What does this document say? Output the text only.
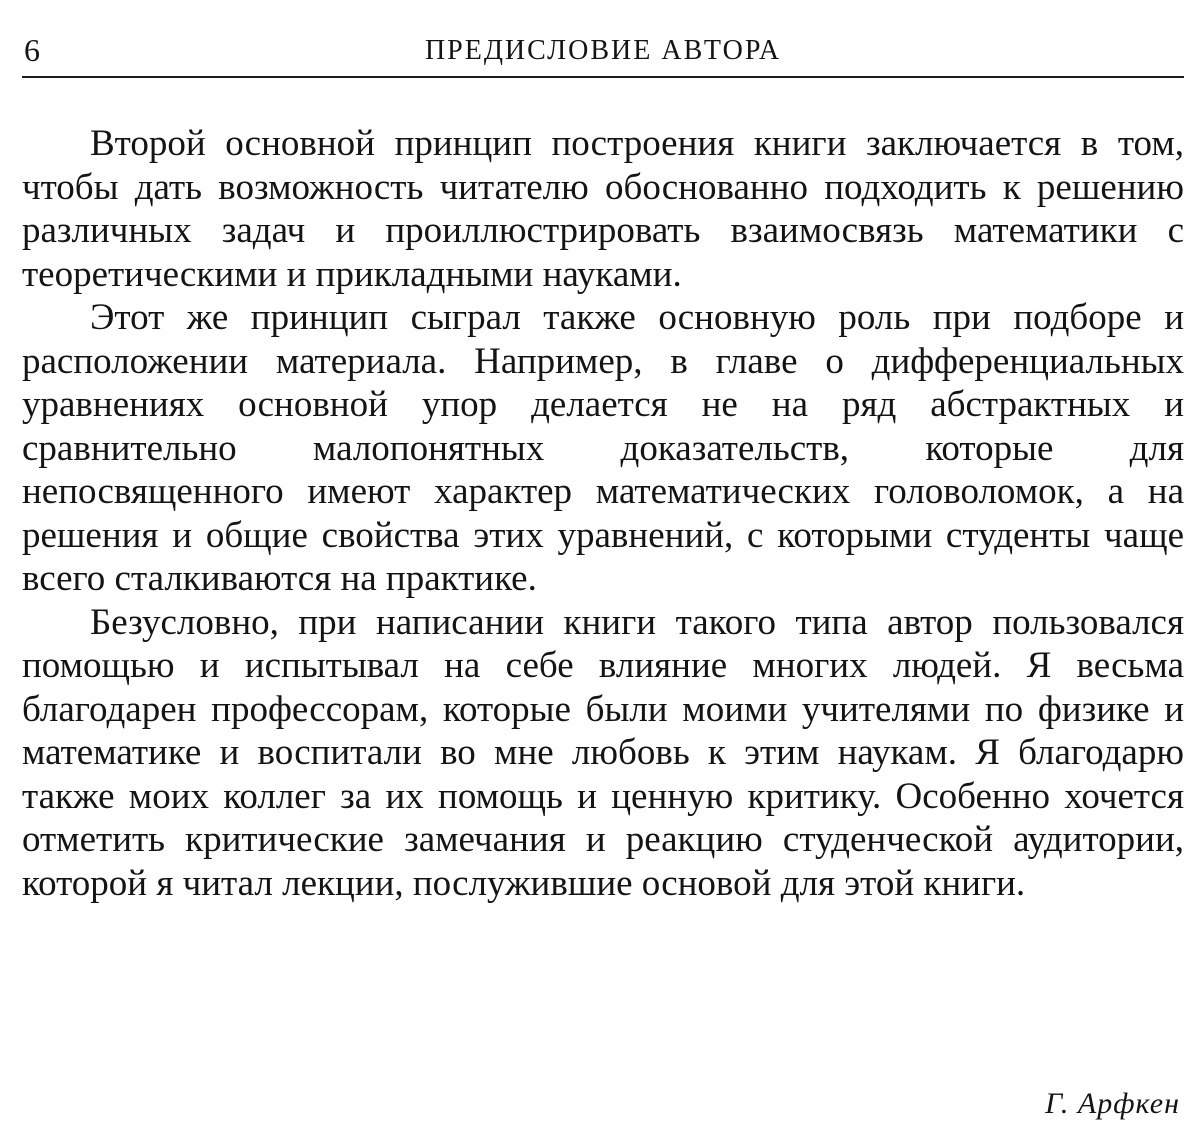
6	ПРЕДИСЛОВИЕ АВТОРА

Второй основной принцип построения книги заключается в том, чтобы дать возможность читателю обоснованно подходить к решению различных задач и проиллюстрировать взаимосвязь математики с теоретическими и прикладными науками.

Этот же принцип сыграл также основную роль при подборе и расположении материала. Например, в главе о дифференциальных уравнениях основной упор делается не на ряд абстрактных и сравнительно малопонятных доказательств, которые для непосвященного имеют характер математических головоломок, а на решения и общие свойства этих уравнений, с которыми студенты чаще всего сталкиваются на практике.

Безусловно, при написании книги такого типа автор пользовался помощью и испытывал на себе влияние многих людей. Я весьма благодарен профессорам, которые были моими учителями по физике и математике и воспитали во мне любовь к этим наукам. Я благодарю также моих коллег за их помощь и ценную критику. Особенно хочется отметить критические замечания и реакцию студенческой аудитории, которой я читал лекции, послужившие основой для этой книги.

Г. Арфкен
